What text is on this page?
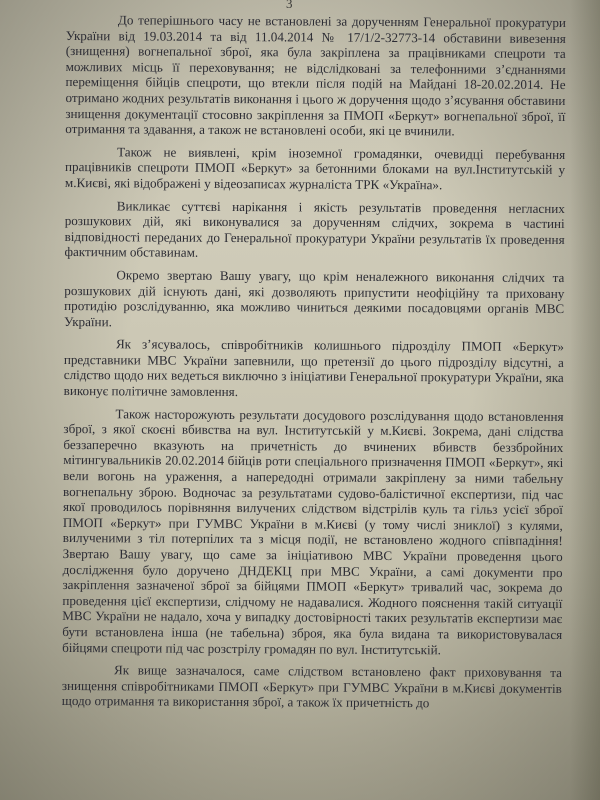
3

До теперішнього часу не встановлені за дорученням Генеральної прокуратури України від 19.03.2014 та від 11.04.2014 № 17/1/2-32773-14 обставини вивезення (знищення) вогнепальної зброї, яка була закріплена за працівниками спецроти та можливих місць її переховування; не відслідковані за телефонними з’єднаннями переміщення бійців спецроти, що втекли після подій на Майдані 18-20.02.2014. Не отримано жодних результатів виконання і цього ж доручення щодо з’ясування обставини знищення документації стосовно закріплення за ПМОП «Беркут» вогнепальної зброї, її отримання та здавання, а також не встановлені особи, які це вчинили.

Також не виявлені, крім іноземної громадянки, очевидці перебування працівників спецроти ПМОП «Беркут» за бетонними блоками на вул.Інститутській у м.Києві, які відображені у відеозаписах журналіста ТРК «Україна».

Викликає суттєві нарікання і якість результатів проведення негласних розшукових дій, які виконувалися за дорученням слідчих, зокрема в частині відповідності переданих до Генеральної прокуратури України результатів їх проведення фактичним обставинам.

Окремо звертаю Вашу увагу, що крім неналежного виконання слідчих та розшукових дій існують дані, які дозволяють припустити неофіційну та приховану протидію розслідуванню, яка можливо чиниться деякими посадовцями органів МВС України.

Як з’ясувалось, співробітників колишнього підрозділу ПМОП «Беркут» представники МВС України запевнили, що претензії до цього підрозділу відсутні, а слідство щодо них ведеться виключно з ініціативи Генеральної прокуратури України, яка виконує політичне замовлення.

Також насторожують результати досудового розслідування щодо встановлення зброї, з якої скоєні вбивства на вул. Інститутській у м.Києві. Зокрема, дані слідства беззаперечно вказують на причетність до вчинених вбивств беззбройних мітингувальників 20.02.2014 бійців роти спеціального призначення ПМОП «Беркут», які вели вогонь на ураження, а напередодні отримали закріплену за ними табельну вогнепальну зброю. Водночас за результатами судово-балістичної експертизи, під час якої проводилось порівняння вилучених слідством відстрілів куль та гільз усієї зброї ПМОП «Беркут» при ГУМВС України в м.Києві (у тому числі зниклої) з кулями, вилученими з тіл потерпілих та з місця події, не встановлено жодного співпадіння! Звертаю Вашу увагу, що саме за ініціативою МВС України проведення цього дослідження було доручено ДНДЕКЦ при МВС України, а самі документи про закріплення зазначеної зброї за бійцями ПМОП «Беркут» тривалий час, зокрема до проведення цієї експертизи, слідчому не надавалися. Жодного пояснення такій ситуації МВС України не надало, хоча у випадку достовірності таких результатів експертизи має бути встановлена інша (не табельна) зброя, яка була видана та використовувалася бійцями спецроти під час розстрілу громадян по вул. Інститутській.

Як вище зазначалося, саме слідством встановлено факт приховування та знищення співробітниками ПМОП «Беркут» при ГУМВС України в м.Києві документів щодо отримання та використання зброї, а також їх причетність до
